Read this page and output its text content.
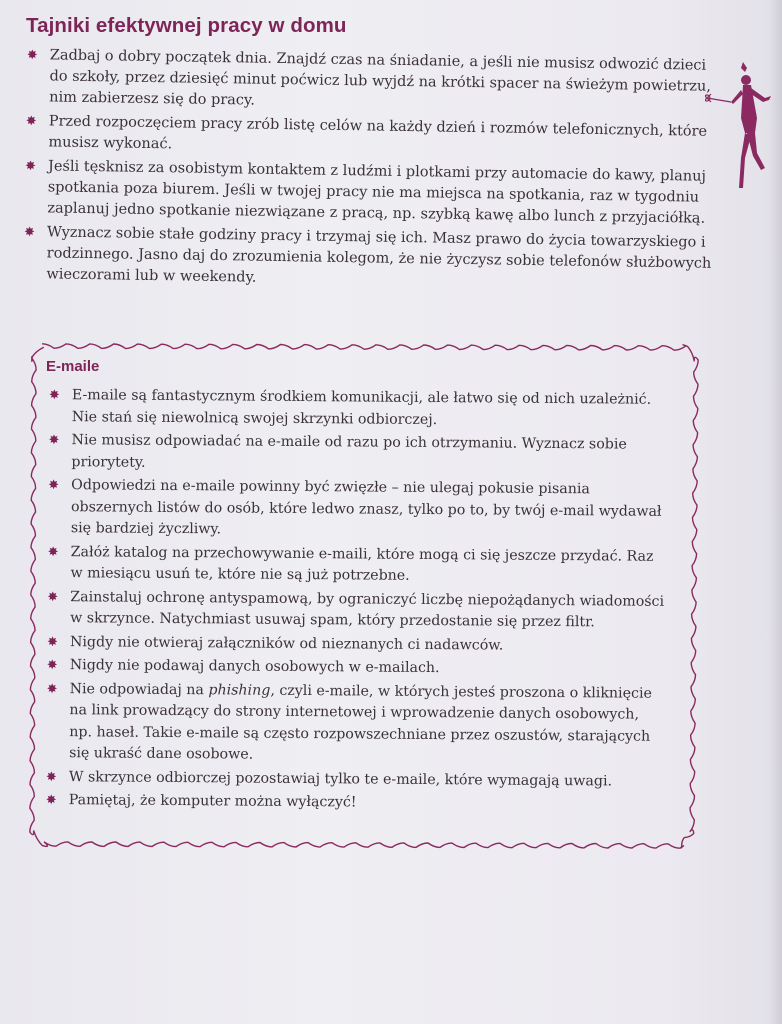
Tajniki efektywnej pracy w domu
✸ Zadbaj o dobry początek dnia. Znajdź czas na śniadanie, a jeśli nie musisz odwozić dzieci do szkoły, przez dziesięć minut poćwicz lub wyjdź na krótki spacer na świeżym powietrzu, nim zabierzesz się do pracy.
✸ Przed rozpoczęciem pracy zrób listę celów na każdy dzień i rozmów telefonicznych, które musisz wykonać.
✸ Jeśli tęsknisz za osobistym kontaktem z ludźmi i plotkami przy automacie do kawy, planuj spotkania poza biurem. Jeśli w twojej pracy nie ma miejsca na spotkania, raz w tygodniu zaplanuj jedno spotkanie niezwiązane z pracą, np. szybką kawę albo lunch z przyjaciółką.
✸ Wyznacz sobie stałe godziny pracy i trzymaj się ich. Masz prawo do życia towarzyskiego i rodzinnego. Jasno daj do zrozumienia kolegom, że nie życzysz sobie telefonów służbowych wieczorami lub w weekendy.
E-maile
✸ E-maile są fantastycznym środkiem komunikacji, ale łatwo się od nich uzależnić. Nie stań się niewolnicą swojej skrzynki odbiorczej.
✸ Nie musisz odpowiadać na e-maile od razu po ich otrzymaniu. Wyznacz sobie priorytety.
✸ Odpowiedzi na e-maile powinny być zwięzłe – nie ulegaj pokusie pisania obszernych listów do osób, które ledwo znasz, tylko po to, by twój e-mail wydawał się bardziej życzliwy.
✸ Załóż katalog na przechowywanie e-maili, które mogą ci się jeszcze przydać. Raz w miesiącu usuń te, które nie są już potrzebne.
✸ Zainstaluj ochronę antyspamową, by ograniczyć liczbę niepożądanych wiadomości w skrzynce. Natychmiast usuwaj spam, który przedostanie się przez filtr.
✸ Nigdy nie otwieraj załączników od nieznanych ci nadawców.
✸ Nigdy nie podawaj danych osobowych w e-mailach.
✸ Nie odpowiadaj na phishing, czyli e-maile, w których jesteś proszona o kliknięcie na link prowadzący do strony internetowej i wprowadzenie danych osobowych, np. haseł. Takie e-maile są często rozpowszechniane przez oszustów, starających się ukraść dane osobowe.
✸ W skrzynce odbiorczej pozostawiaj tylko te e-maile, które wymagają uwagi.
✸ Pamiętaj, że komputer można wyłączyć!
